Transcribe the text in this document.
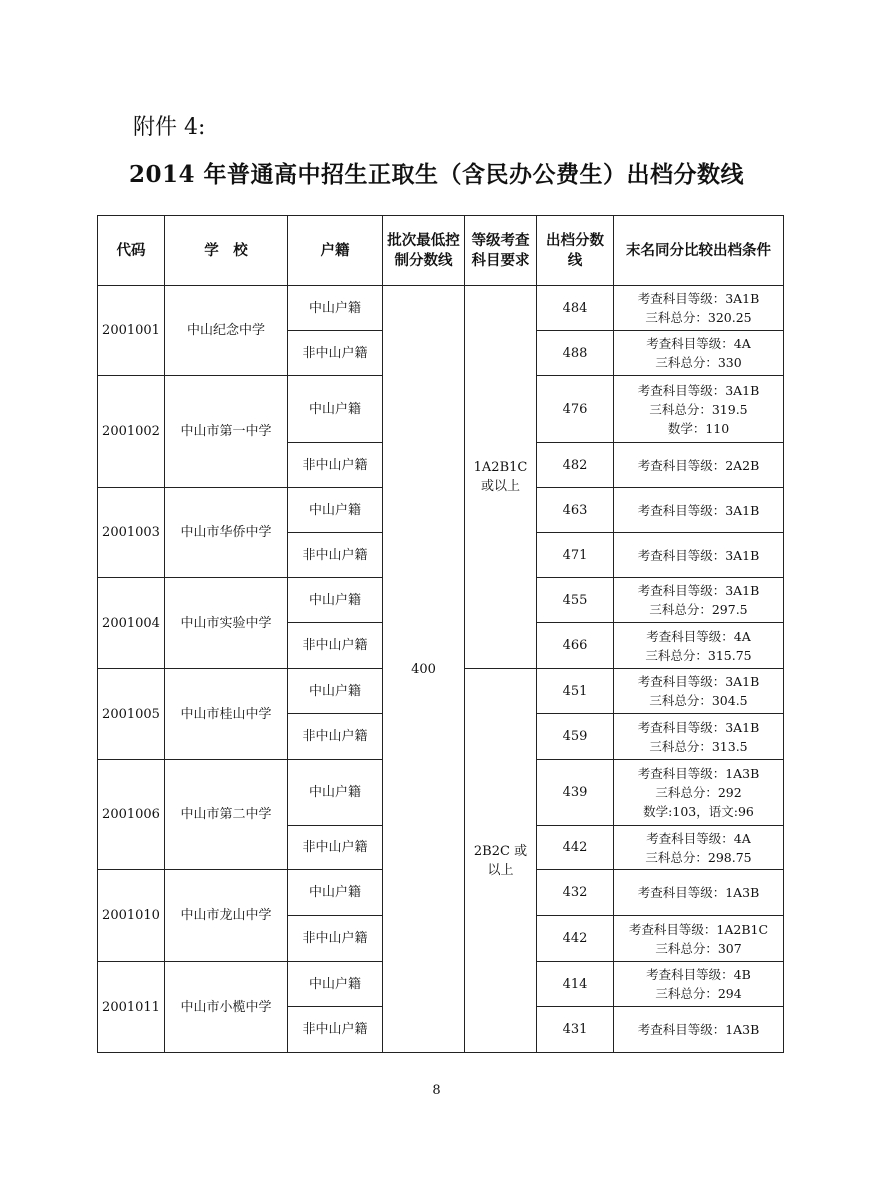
附件 4:
2014 年普通高中招生正取生（含民办公费生）出档分数线
代码	学　校	户籍	批次最低控制分数线	等级考查科目要求	出档分数线	末名同分比较出档条件
2001001	中山纪念中学	中山户籍	400	1A2B1C或以上	484	考查科目等级：3A1B
三科总分：320.25

		非中山户籍			488	考查科目等级：4A
三科总分：330

2001002	中山市第一中学	中山户籍			476	考查科目等级：3A1B
三科总分：319.5
数学：110

		非中山户籍			482	考查科目等级：2A2B

2001003	中山市华侨中学	中山户籍			463	考查科目等级：3A1B

		非中山户籍			471	考查科目等级：3A1B

2001004	中山市实验中学	中山户籍			455	考查科目等级：3A1B
三科总分：297.5

		非中山户籍			466	考查科目等级：4A
三科总分：315.75

2001005	中山市桂山中学	中山户籍		2B2C 或以上	451	考查科目等级：3A1B
三科总分：304.5

		非中山户籍			459	考查科目等级：3A1B
三科总分：313.5

2001006	中山市第二中学	中山户籍			439	考查科目等级：1A3B
三科总分：292
数学:103，语文:96

		非中山户籍			442	考查科目等级：4A
三科总分：298.75

2001010	中山市龙山中学	中山户籍			432	考查科目等级：1A3B

		非中山户籍			442	考查科目等级：1A2B1C
三科总分：307

2001011	中山市小榄中学	中山户籍			414	考查科目等级：4B
三科总分：294

		非中山户籍			431	考查科目等级：1A3B
8
